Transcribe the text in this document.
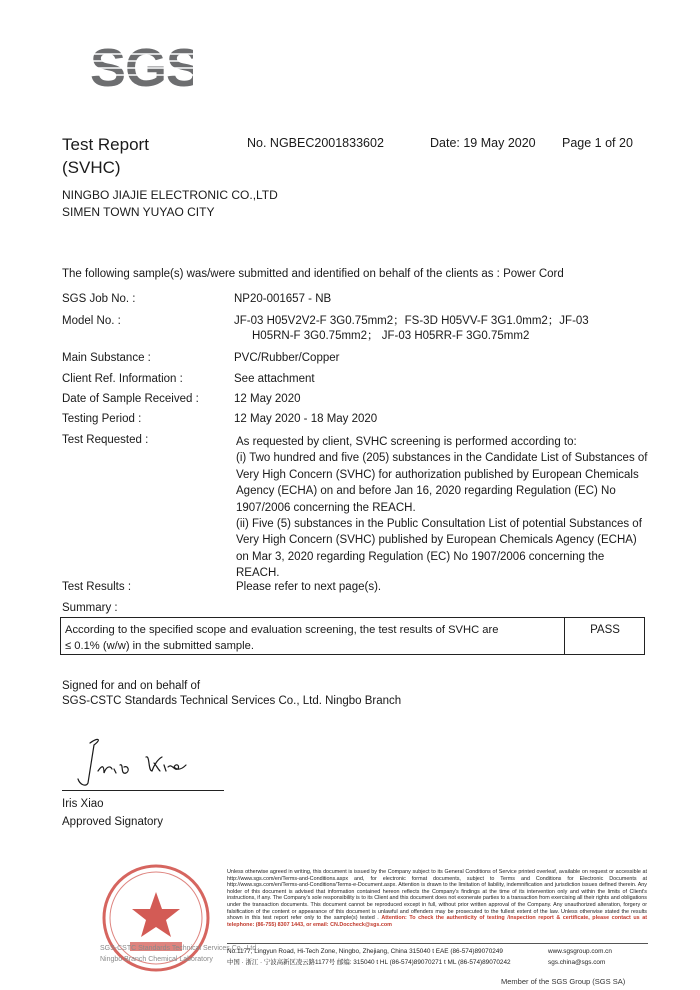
SGS
Test Report
(SVHC)
No. NGBEC2001833602	Date: 19 May 2020 Page 1 of 20
NINGBO JIAJIE ELECTRONIC CO.,LTD
SIMEN TOWN YUYAO CITY
The following sample(s) was/were submitted and identified on behalf of the clients as : Power Cord
SGS Job No. :	NP20-001657 - NB
Model No. :	JF-03 H05V2V2-F 3G0.75mm2；FS-3D H05VV-F 3G1.0mm2；JF-03
H05RN-F 3G0.75mm2； JF-03 H05RR-F 3G0.75mm2
Main Substance :	PVC/Rubber/Copper
Client Ref. Information :	See attachment
Date of Sample Received :	12 May 2020
Testing Period :	12 May 2020 - 18 May 2020
Test Requested :	As requested by client, SVHC screening is performed according to:
(i) Two hundred and five (205) substances in the Candidate List of Substances of
Very High Concern (SVHC) for authorization published by European Chemicals
Agency (ECHA) on and before Jan 16, 2020 regarding Regulation (EC) No
1907/2006 concerning the REACH.
(ii) Five (5) substances in the Public Consultation List of potential Substances of
Very High Concern (SVHC) published by European Chemicals Agency (ECHA)
on Mar 3, 2020 regarding Regulation (EC) No 1907/2006 concerning the
REACH.
Test Results :	Please refer to next page(s).
Summary :
According to the specified scope and evaluation screening, the test results of SVHC are
≤ 0.1% (w/w) in the submitted sample.
PASS
Signed for and on behalf of
SGS-CSTC Standards Technical Services Co., Ltd. Ningbo Branch
Iris Xiao
Approved Signatory
SGS-CSTC Standards Technical Services Co., Ltd.
Ningbo Branch Chemical Laboratory
Unless otherwise agreed in writing, this document is issued by the Company subject to its General Conditions of Service printed overleaf, available on request or accessible at http://www.sgs.com/en/Terms-and-Conditions.aspx and, for electronic format documents, subject to Terms and Conditions for Electronic Documents at http://www.sgs.com/en/Terms-and-Conditions/Terms-e-Document.aspx. Attention is drawn to the limitation of liability, indemnification and jurisdiction issues defined therein. Any holder of this document is advised that information contained hereon reflects the Company's findings at the time of its intervention only and within the limits of Client's instructions, if any. The Company's sole responsibility is to its Client and this document does not exonerate parties to a transaction from exercising all their rights and obligations under the transaction documents. This document cannot be reproduced except in full, without prior written approval of the Company. Any unauthorized alteration, forgery or falsification of the content or appearance of this document is unlawful and offenders may be prosecuted to the fullest extent of the law. Unless otherwise stated the results shown in this test report refer only to the sample(s) tested . Attention: To check the authenticity of testing /inspection report & certificate, please contact us at telephone: (86-755) 8307 1443, or email: CN.Doccheck@sgs.com
No.1177, Lingyun Road, Hi-Tech Zone, Ningbo, Zhejiang, China 315040 t EAE (86-574)89070249
中国 · 浙江 · 宁波高新区凌云路1177号 邮编: 315040 t HL (86-574)89070271 t ML (86-574)89070242
www.sgsgroup.com.cn
sgs.china@sgs.com
Member of the SGS Group (SGS SA)
